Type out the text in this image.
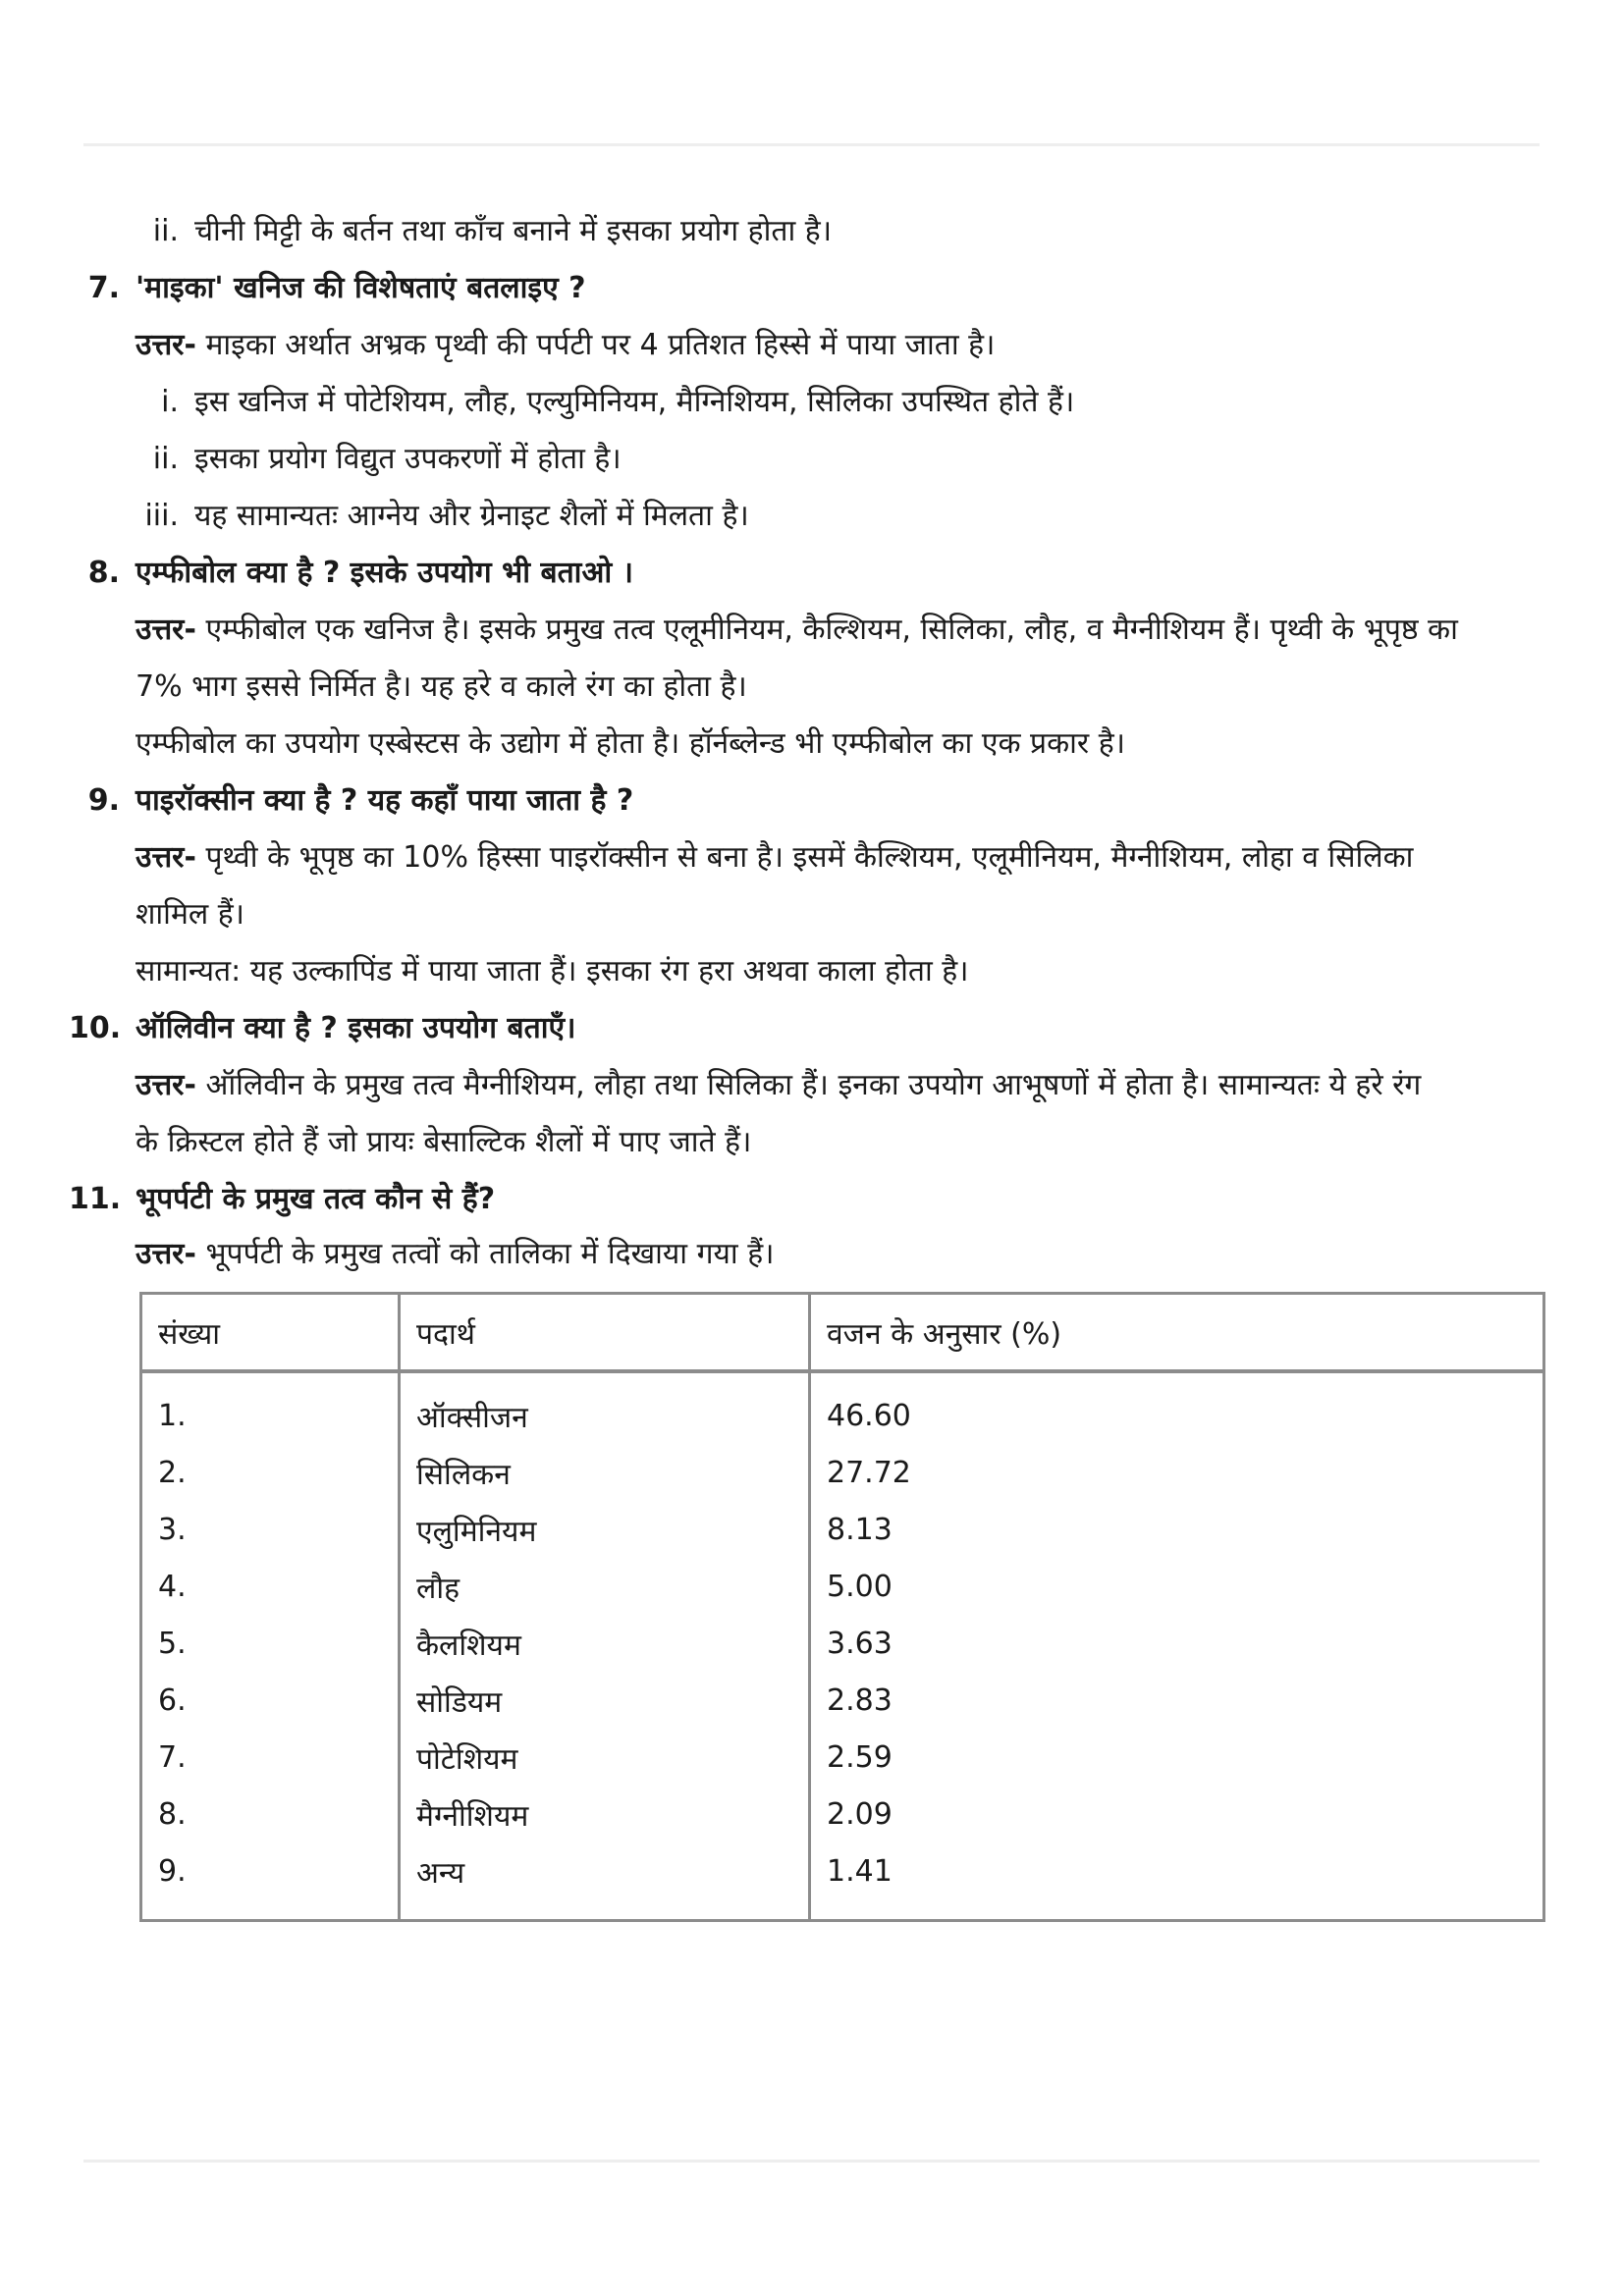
ii. चीनी मिट्टी के बर्तन तथा काँच बनाने में इसका प्रयोग होता है।
7. 'माइका' खनिज की विशेषताएं बतलाइए ?
उत्तर- माइका अर्थात अभ्रक पृथ्वी की पर्पटी पर 4 प्रतिशत हिस्से में पाया जाता है।
i. इस खनिज में पोटेशियम, लौह, एल्युमिनियम, मैग्निशियम, सिलिका उपस्थित होते हैं।
ii. इसका प्रयोग विद्युत उपकरणों में होता है।
iii. यह सामान्यतः आग्नेय और ग्रेनाइट शैलों में मिलता है।
8. एम्फीबोल क्या है ? इसके उपयोग भी बताओ ।
उत्तर- एम्फीबोल एक खनिज है। इसके प्रमुख तत्व एलूमीनियम, कैल्शियम, सिलिका, लौह, व मैग्नीशियम हैं। पृथ्वी के भूपृष्ठ का
7% भाग इससे निर्मित है। यह हरे व काले रंग का होता है।
एम्फीबोल का उपयोग एस्बेस्टस के उद्योग में होता है। हॉर्नब्लेन्ड भी एम्फीबोल का एक प्रकार है।
9. पाइरॉक्सीन क्या है ? यह कहाँ पाया जाता है ?
उत्तर- पृथ्वी के भूपृष्ठ का 10% हिस्सा पाइरॉक्सीन से बना है। इसमें कैल्शियम, एलूमीनियम, मैग्नीशियम, लोहा व सिलिका
शामिल हैं।
सामान्यत: यह उल्कापिंड में पाया जाता हैं। इसका रंग हरा अथवा काला होता है।
10. ऑलिवीन क्या है ? इसका उपयोग बताएँ।
उत्तर- ऑलिवीन के प्रमुख तत्व मैग्नीशियम, लौहा तथा सिलिका हैं। इनका उपयोग आभूषणों में होता है। सामान्यतः ये हरे रंग
के क्रिस्टल होते हैं जो प्रायः बेसाल्टिक शैलों में पाए जाते हैं।
11. भूपर्पटी के प्रमुख तत्व कौन से हैं?
उत्तर- भूपर्पटी के प्रमुख तत्वों को तालिका में दिखाया गया हैं।
संख्या	पदार्थ	वजन के अनुसार (%)
1.	ऑक्सीजन	46.60
2.	सिलिकन	27.72
3.	एलुमिनियम	8.13
4.	लौह	5.00
5.	कैलशियम	3.63
6.	सोडियम	2.83
7.	पोटेशियम	2.59
8.	मैग्नीशियम	2.09
9.	अन्य	1.41
